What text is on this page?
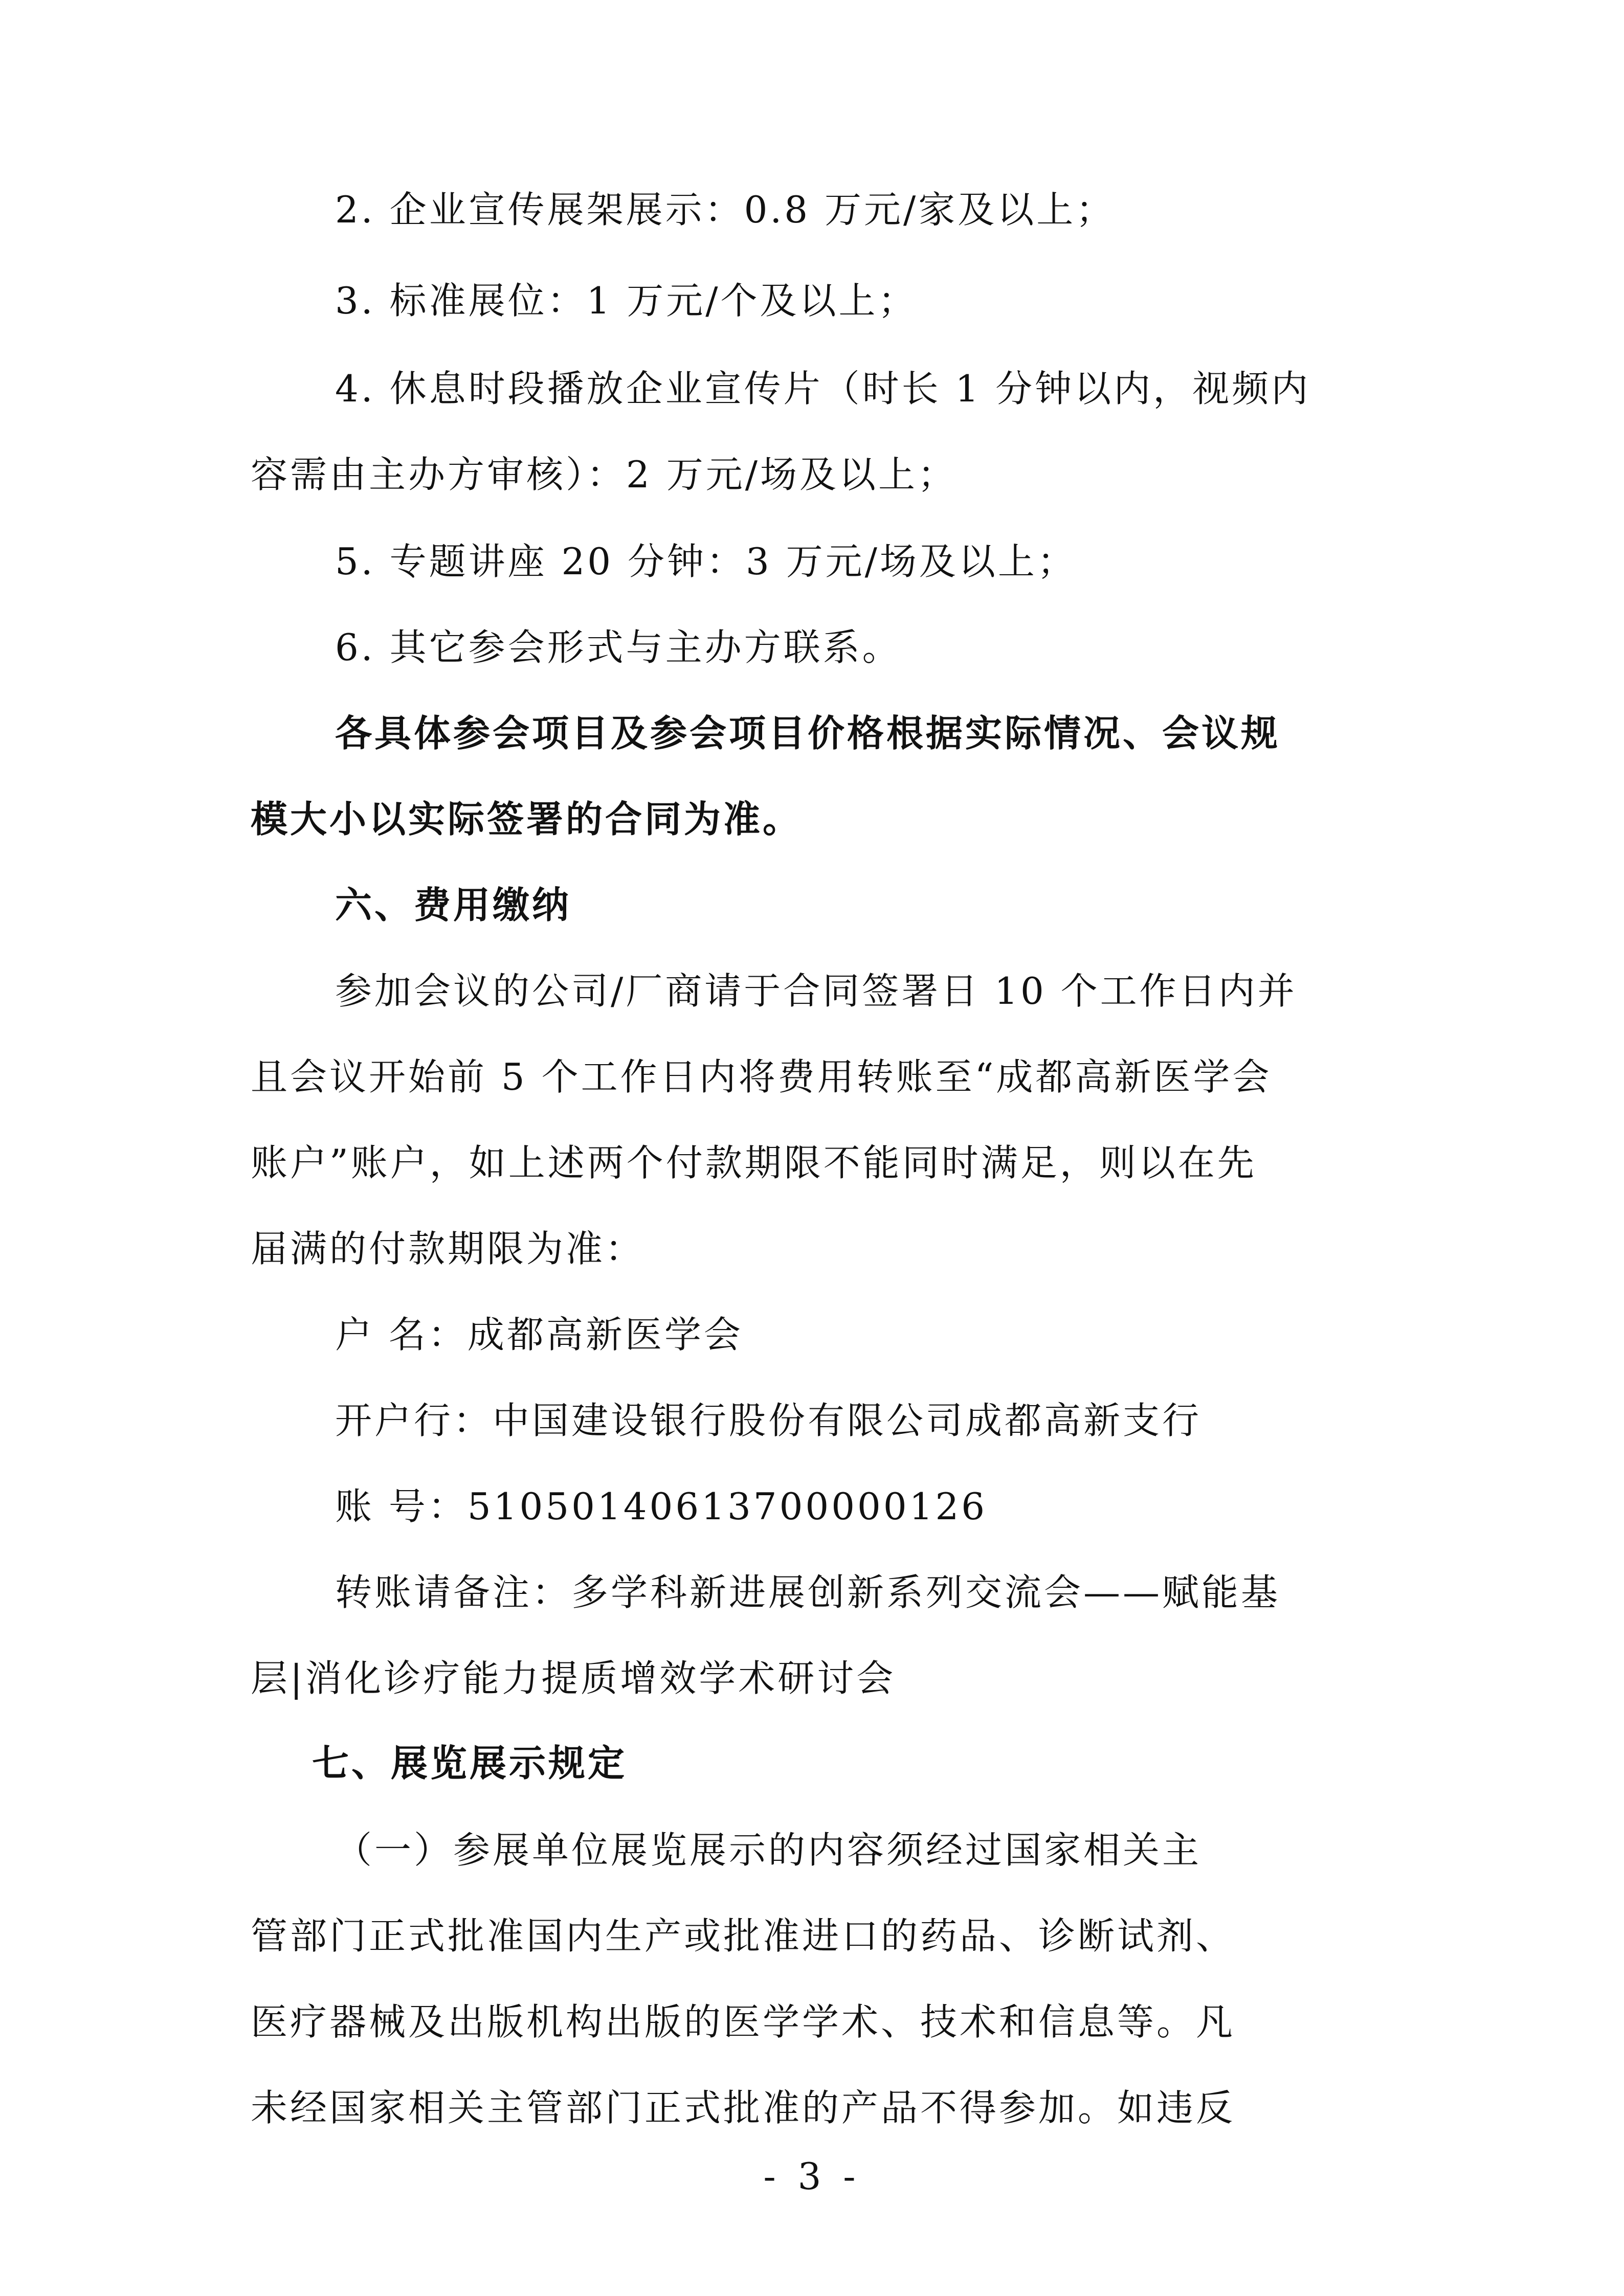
2. 企业宣传展架展示：0.8 万元/家及以上；
3. 标准展位：1 万元/个及以上；
4. 休息时段播放企业宣传片（时长 1 分钟以内，视频内
容需由主办方审核）：2 万元/场及以上；
5. 专题讲座 20 分钟：3 万元/场及以上；
6. 其它参会形式与主办方联系。
各具体参会项目及参会项目价格根据实际情况、会议规
模大小以实际签署的合同为准。
六、费用缴纳
参加会议的公司/厂商请于合同签署日 10 个工作日内并
且会议开始前 5 个工作日内将费用转账至“成都高新医学会
账户”账户，如上述两个付款期限不能同时满足，则以在先
届满的付款期限为准：
户 名：成都高新医学会
开户行：中国建设银行股份有限公司成都高新支行
账 号：51050140613700000126
转账请备注：多学科新进展创新系列交流会——赋能基
层|消化诊疗能力提质增效学术研讨会
七、展览展示规定
（一）参展单位展览展示的内容须经过国家相关主
管部门正式批准国内生产或批准进口的药品、诊断试剂、
医疗器械及出版机构出版的医学学术、技术和信息等。凡
未经国家相关主管部门正式批准的产品不得参加。如违反
- 3 -
